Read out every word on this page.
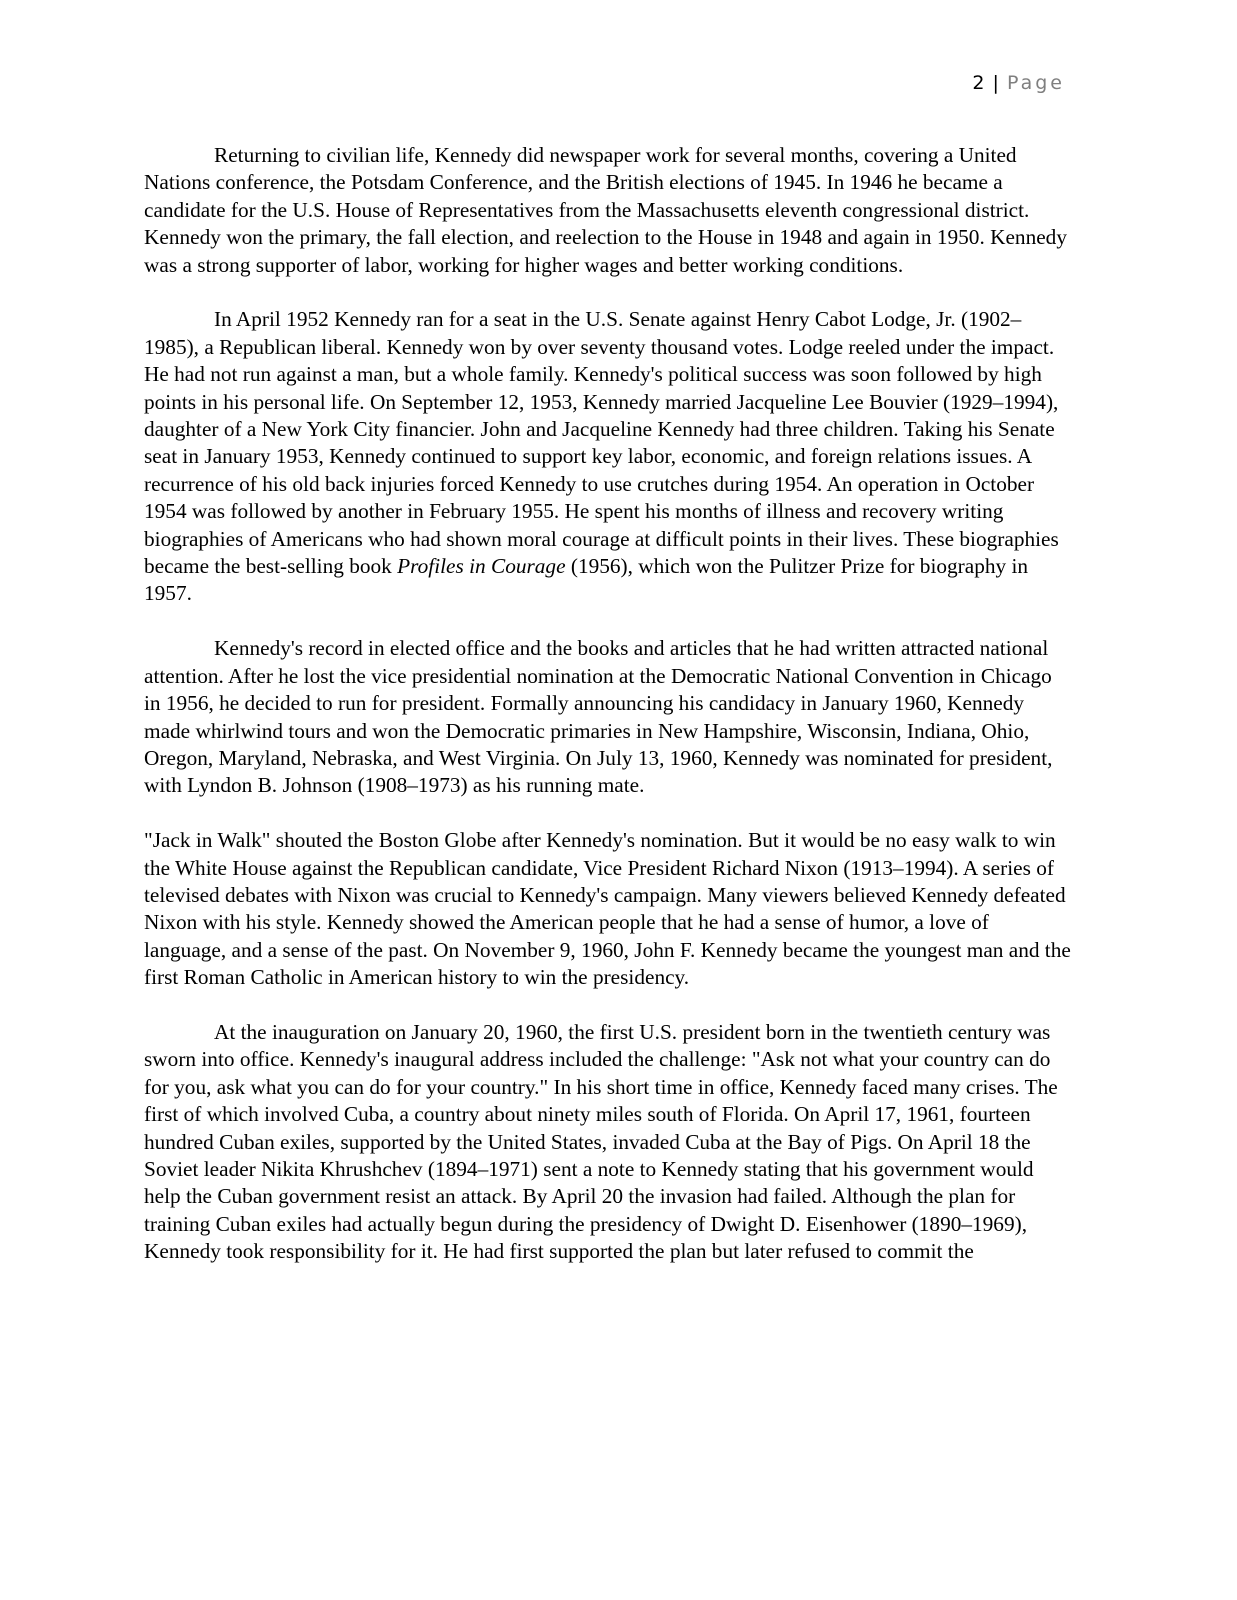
2 | Page

Returning to civilian life, Kennedy did newspaper work for several months, covering a United Nations conference, the Potsdam Conference, and the British elections of 1945. In 1946 he became a candidate for the U.S. House of Representatives from the Massachusetts eleventh congressional district. Kennedy won the primary, the fall election, and reelection to the House in 1948 and again in 1950. Kennedy was a strong supporter of labor, working for higher wages and better working conditions.

In April 1952 Kennedy ran for a seat in the U.S. Senate against Henry Cabot Lodge, Jr. (1902–1985), a Republican liberal. Kennedy won by over seventy thousand votes. Lodge reeled under the impact. He had not run against a man, but a whole family. Kennedy's political success was soon followed by high points in his personal life. On September 12, 1953, Kennedy married Jacqueline Lee Bouvier (1929–1994), daughter of a New York City financier. John and Jacqueline Kennedy had three children. Taking his Senate seat in January 1953, Kennedy continued to support key labor, economic, and foreign relations issues. A recurrence of his old back injuries forced Kennedy to use crutches during 1954. An operation in October 1954 was followed by another in February 1955. He spent his months of illness and recovery writing biographies of Americans who had shown moral courage at difficult points in their lives. These biographies became the best-selling book Profiles in Courage (1956), which won the Pulitzer Prize for biography in 1957.

Kennedy's record in elected office and the books and articles that he had written attracted national attention. After he lost the vice presidential nomination at the Democratic National Convention in Chicago in 1956, he decided to run for president. Formally announcing his candidacy in January 1960, Kennedy made whirlwind tours and won the Democratic primaries in New Hampshire, Wisconsin, Indiana, Ohio, Oregon, Maryland, Nebraska, and West Virginia. On July 13, 1960, Kennedy was nominated for president, with Lyndon B. Johnson (1908–1973) as his running mate.

"Jack in Walk" shouted the Boston Globe after Kennedy's nomination. But it would be no easy walk to win the White House against the Republican candidate, Vice President Richard Nixon (1913–1994). A series of televised debates with Nixon was crucial to Kennedy's campaign. Many viewers believed Kennedy defeated Nixon with his style. Kennedy showed the American people that he had a sense of humor, a love of language, and a sense of the past. On November 9, 1960, John F. Kennedy became the youngest man and the first Roman Catholic in American history to win the presidency.

At the inauguration on January 20, 1960, the first U.S. president born in the twentieth century was sworn into office. Kennedy's inaugural address included the challenge: "Ask not what your country can do for you, ask what you can do for your country." In his short time in office, Kennedy faced many crises. The first of which involved Cuba, a country about ninety miles south of Florida. On April 17, 1961, fourteen hundred Cuban exiles, supported by the United States, invaded Cuba at the Bay of Pigs. On April 18 the Soviet leader Nikita Khrushchev (1894–1971) sent a note to Kennedy stating that his government would help the Cuban government resist an attack. By April 20 the invasion had failed. Although the plan for training Cuban exiles had actually begun during the presidency of Dwight D. Eisenhower (1890–1969), Kennedy took responsibility for it. He had first supported the plan but later refused to commit the
